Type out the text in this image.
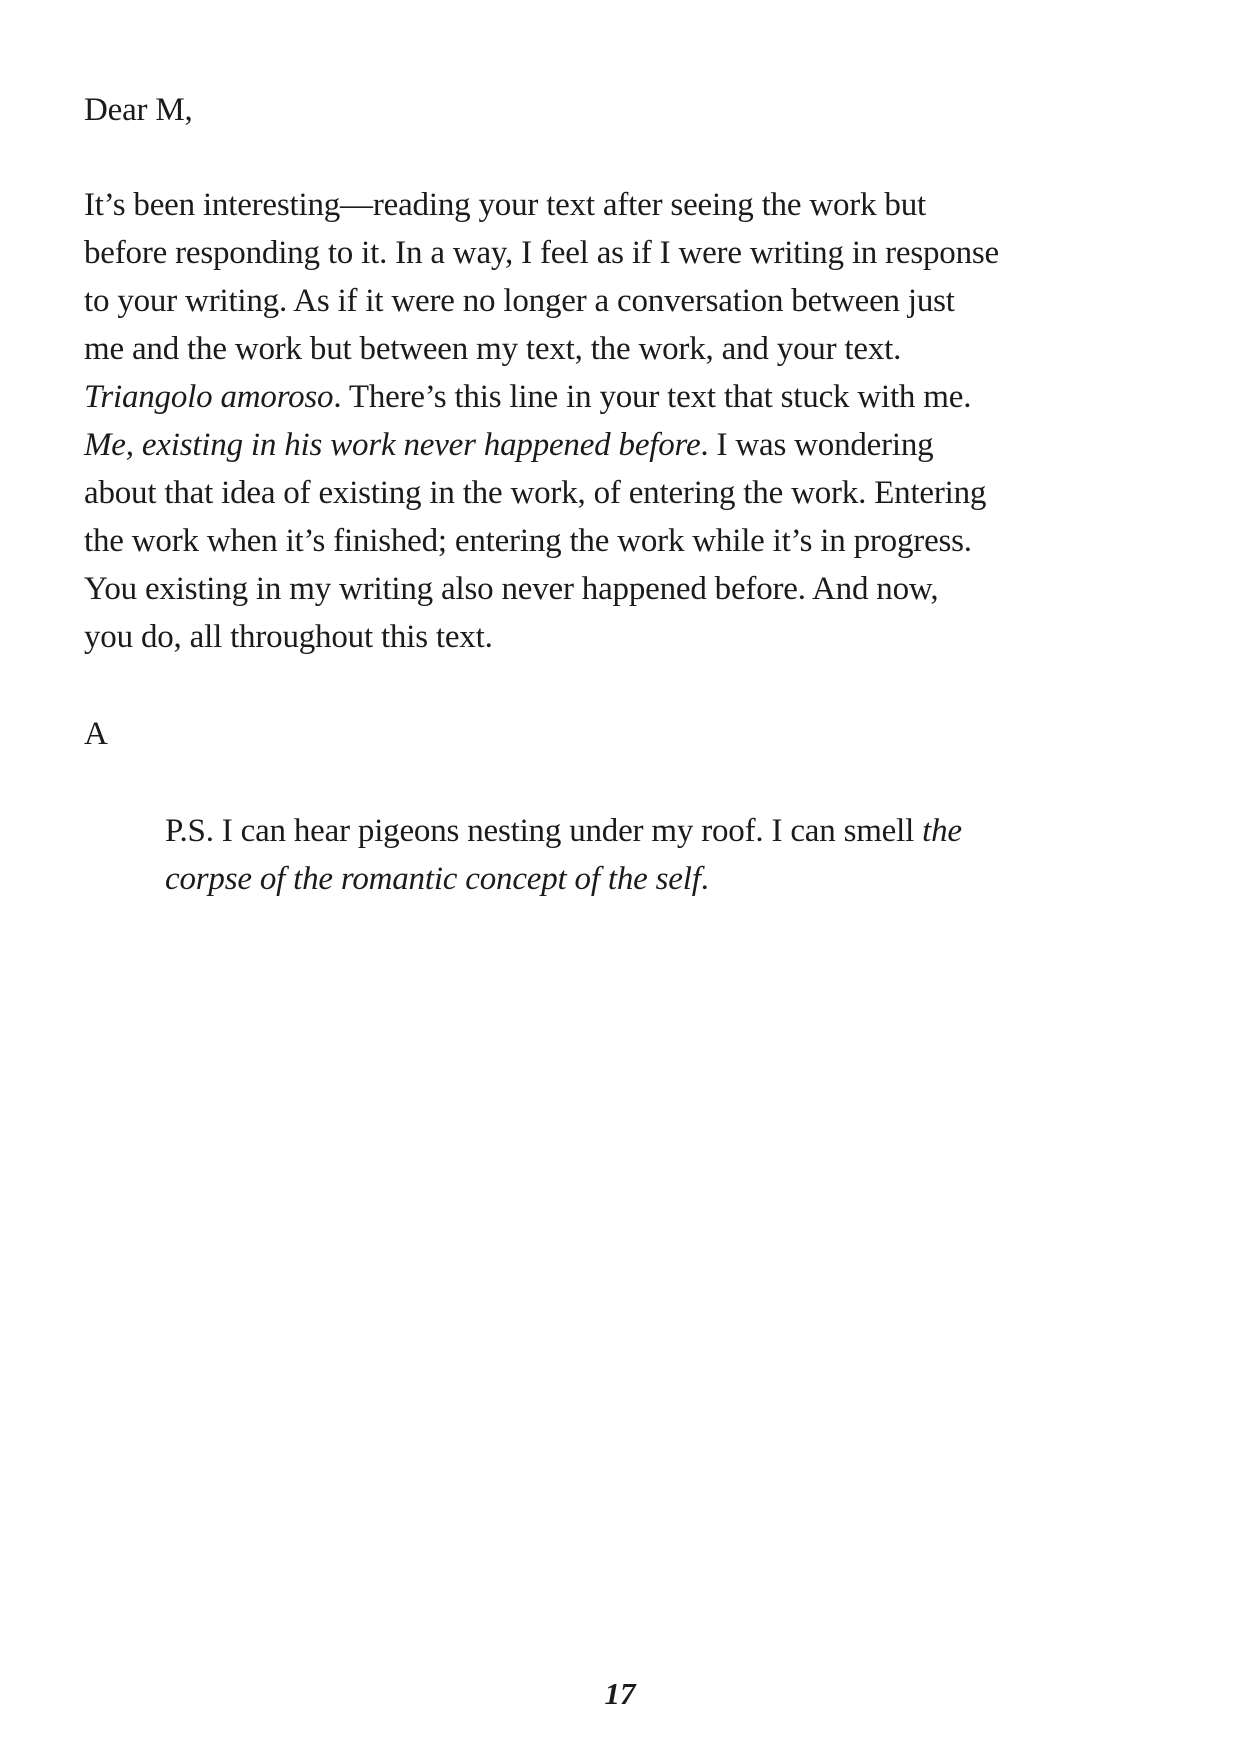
Dear M,
It’s been interesting—reading your text after seeing the work but
before responding to it. In a way, I feel as if I were writing in response
to your writing. As if it were no longer a conversation between just
me and the work but between my text, the work, and your text.
Triangolo amoroso. There’s this line in your text that stuck with me.
Me, existing in his work never happened before. I was wondering
about that idea of existing in the work, of entering the work. Entering
the work when it’s finished; entering the work while it’s in progress.
You existing in my writing also never happened before. And now,
you do, all throughout this text.
A
P.S. I can hear pigeons nesting under my roof. I can smell the
corpse of the romantic concept of the self.
17
